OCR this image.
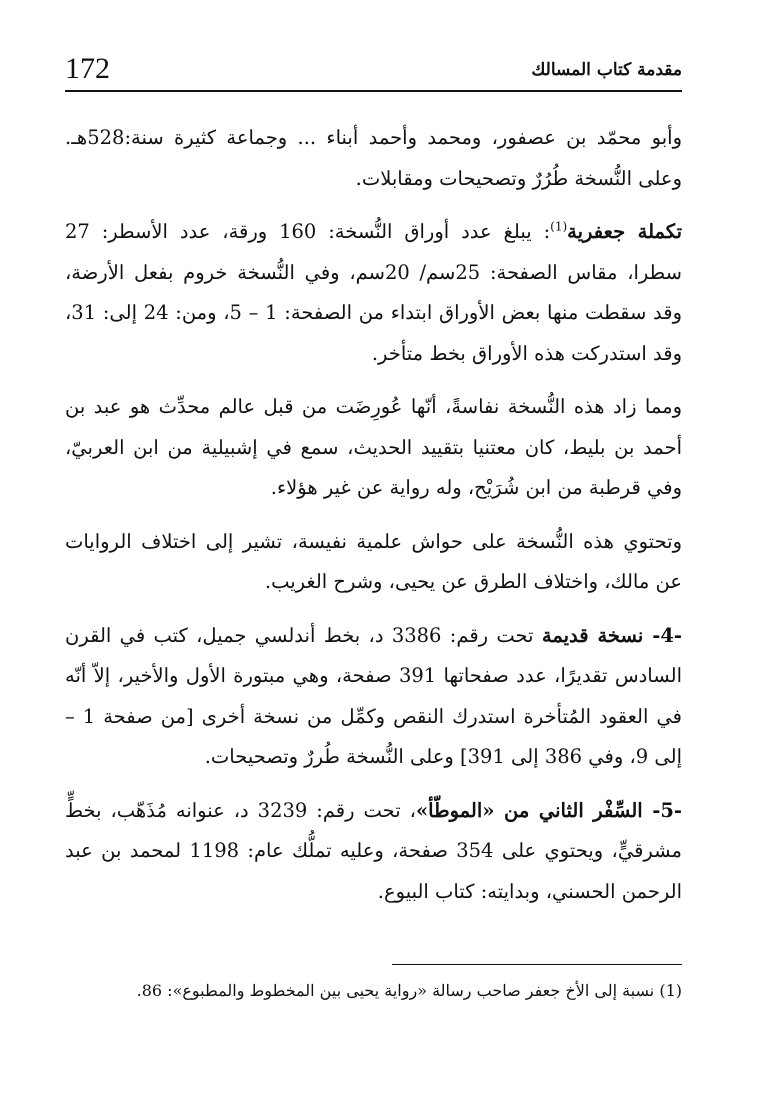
172	مقدمة كتاب المسالك

وأبو محمّد بن عصفور، ومحمد وأحمد أبناء ... وجماعة كثيرة سنة:528هـ. وعلى النُّسخة طُرُرٌ وتصحيحات ومقابلات.

تكملة جعفرية$^{(1)}$: يبلغ عدد أوراق النُّسخة: 160 ورقة، عدد الأسطر: 27 سطرا، مقاس الصفحة: 25سم/ 20سم، وفي النُّسخة خروم بفعل الأرضة، وقد سقطت منها بعض الأوراق ابتداء من الصفحة: 1 – 5، ومن: 24 إلى: 31، وقد استدركت هذه الأوراق بخط متأخر.

ومما زاد هذه النُّسخة نفاسةً، أنّها عُورِضَت من قبل عالم محدِّث هو عبد بن أحمد بن بليط، كان معتنيا بتقييد الحديث، سمع في إشبيلية من ابن العربيّ، وفي قرطبة من ابن شُرَيْح، وله رواية عن غير هؤلاء.

وتحتوي هذه النُّسخة على حواش علمية نفيسة، تشير إلى اختلاف الروايات عن مالك، واختلاف الطرق عن يحيى، وشرح الغريب.

-4- نسخة قديمة تحت رقم: 3386 د، بخط أندلسي جميل، كتب في القرن السادس تقديرًا، عدد صفحاتها 391 صفحة، وهي مبتورة الأول والأخير، إلاّ أنّه في العقود المُتأخرة استدرك النقص وكمِّل من نسخة أخرى [من صفحة 1 – إلى 9، وفي 386 إلى 391] وعلى النُّسخة طُررٌ وتصحيحات.

-5- السِّفْر الثاني من «الموطّأ»، تحت رقم: 3239 د، عنوانه مُذَهّب، بخطٍّ مشرقيٍّ، ويحتوي على 354 صفحة، وعليه تملُّك عام: 1198 لمحمد بن عبد الرحمن الحسني، وبدايته: كتاب البيوع.

(1) نسبة إلى الأخ جعفر صاحب رسالة «رواية يحيى بين المخطوط والمطبوع»: 86.
